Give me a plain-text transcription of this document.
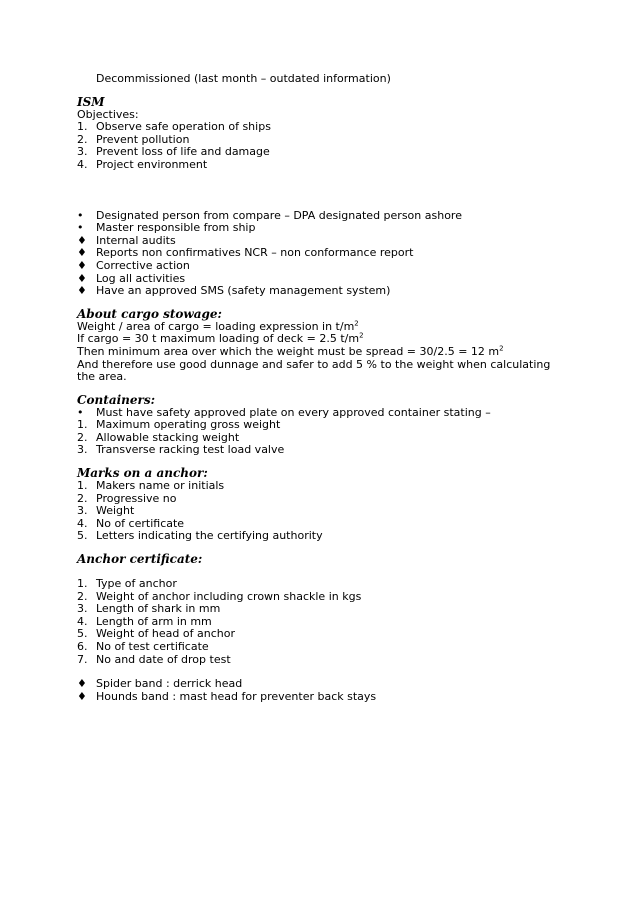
Decommissioned (last month – outdated information)
ISM
Objectives:
1. Observe safe operation of ships
2. Prevent pollution
3. Prevent loss of life and damage
4. Project environment
•	Designated person from compare – DPA designated person ashore
•	Master responsible from ship
♦ Internal audits
♦ Reports non confirmatives NCR – non conformance report
♦ Corrective action
♦ Log all activities
♦ Have an approved SMS (safety management system)
About cargo stowage:
Weight / area of cargo = loading expression in $t/m^2$
If cargo = 30 t maximum loading of deck = 2.5 $t/m^2$
Then minimum area over which the weight must be spread = 30/2.5 = 12 $m^2$
And therefore use good dunnage and safer to add 5 % to the weight when calculating
the area.
Containers:
•	Must have safety approved plate on every approved container stating –
1. Maximum operating gross weight
2. Allowable stacking weight
3. Transverse racking test load valve
Marks on a anchor:
1. Makers name or initials
2. Progressive no
3. Weight
4. No of certificate
5. Letters indicating the certifying authority
Anchor certificate:
1. Type of anchor
2. Weight of anchor including crown shackle in kgs
3. Length of shark in mm
4. Length of arm in mm
5. Weight of head of anchor
6. No of test certificate
7. No and date of drop test
♦ Spider band : derrick head
♦ Hounds band : mast head for preventer back stays
